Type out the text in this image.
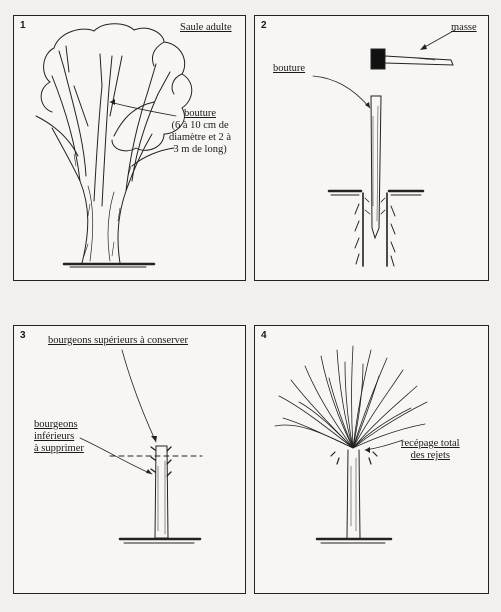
1	Saule adulte
bouture
(6 à 10 cm de
diamètre et 2 à
3 m de long)
2	masse
bouture
3 bourgeons supérieurs à conserver
bourgeons
inférieurs
à supprimer
4
recépage total
des rejets
